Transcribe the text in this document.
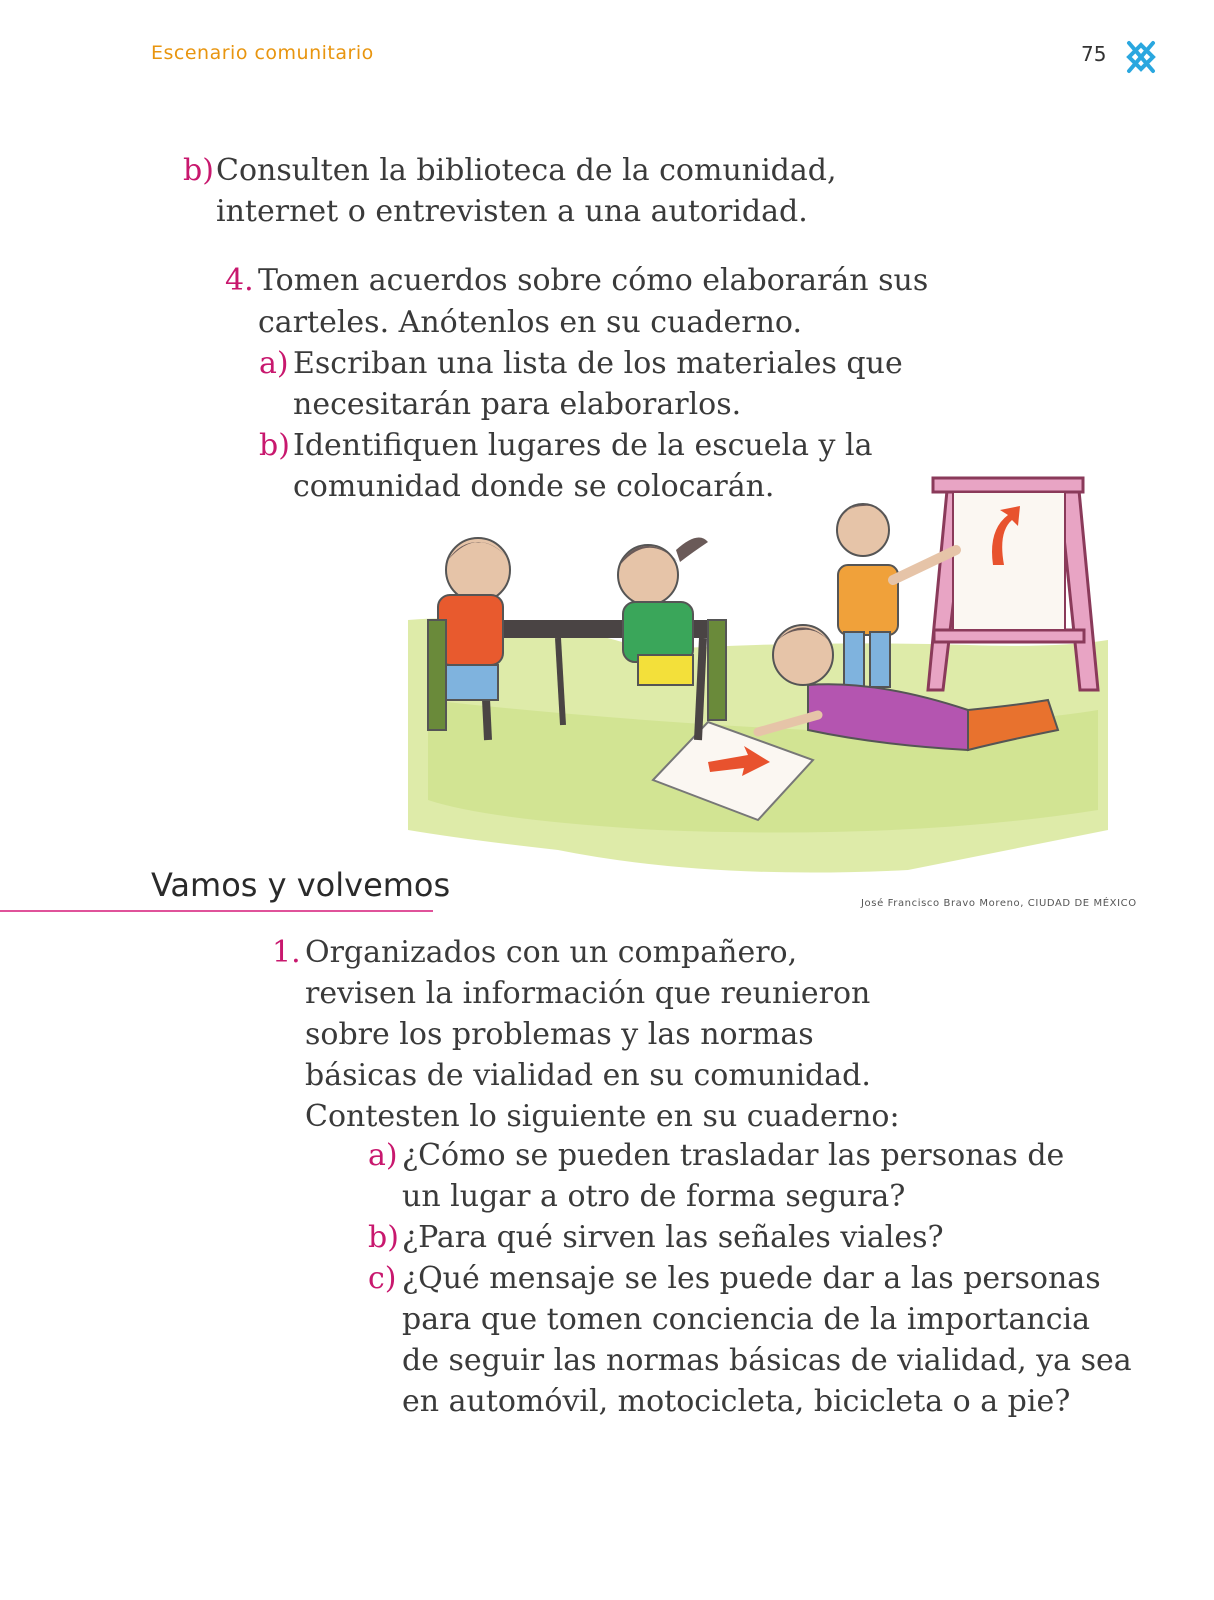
Escenario comunitario	75
b) Consulten la biblioteca de la comunidad,
internet o entrevisten a una autoridad.
4. Tomen acuerdos sobre cómo elaborarán sus
carteles. Anótenlos en su cuaderno.
a) Escriban una lista de los materiales que
necesitarán para elaborarlos.
b) Identifiquen lugares de la escuela y la
comunidad donde se colocarán.
José Francisco Bravo Moreno, CIUDAD DE MÉXICO
Vamos y volvemos
1. Organizados con un compañero,
revisen la información que reunieron
sobre los problemas y las normas
básicas de vialidad en su comunidad.
Contesten lo siguiente en su cuaderno:
a) ¿Cómo se pueden trasladar las personas de
un lugar a otro de forma segura?
b) ¿Para qué sirven las señales viales?
c) ¿Qué mensaje se les puede dar a las personas
para que tomen conciencia de la importancia
de seguir las normas básicas de vialidad, ya sea
en automóvil, motocicleta, bicicleta o a pie?
